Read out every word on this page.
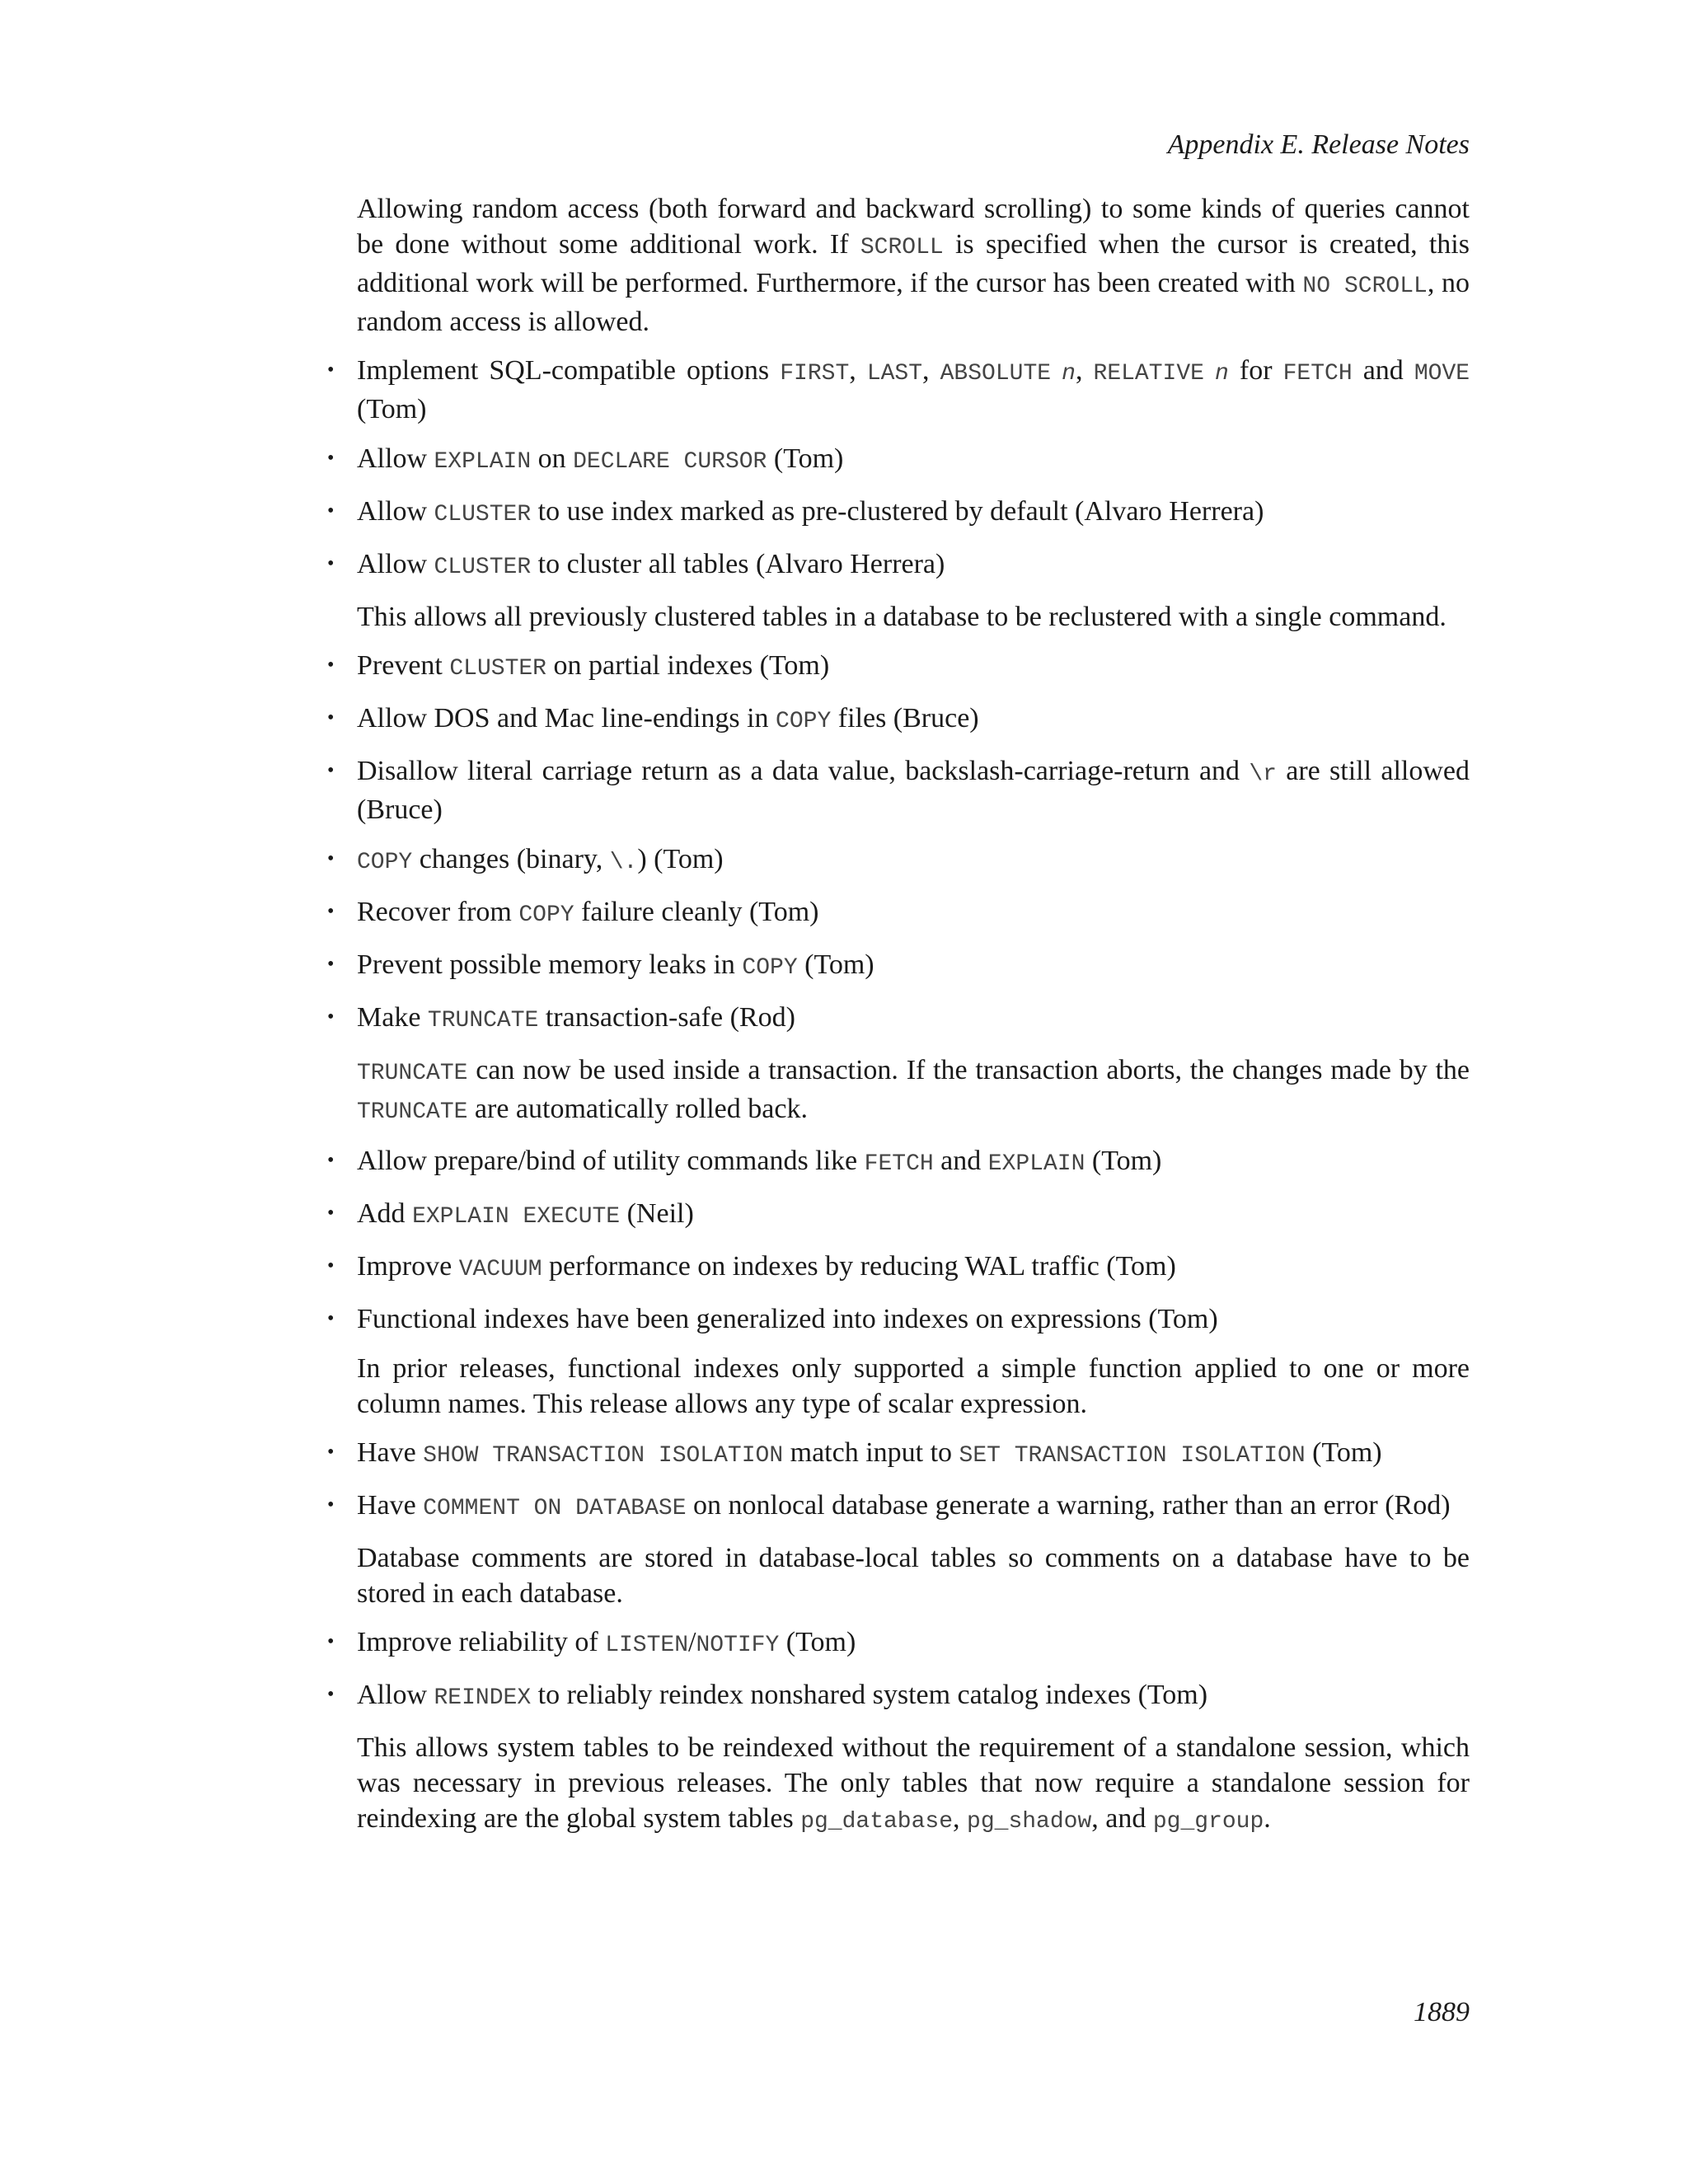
Appendix E. Release Notes

Allowing random access (both forward and backward scrolling) to some kinds of queries cannot be done without some additional work. If SCROLL is specified when the cursor is created, this additional work will be performed. Furthermore, if the cursor has been created with NO SCROLL, no random access is allowed.

• Implement SQL-compatible options FIRST, LAST, ABSOLUTE n, RELATIVE n for FETCH and MOVE (Tom)
• Allow EXPLAIN on DECLARE CURSOR (Tom)
• Allow CLUSTER to use index marked as pre-clustered by default (Alvaro Herrera)
• Allow CLUSTER to cluster all tables (Alvaro Herrera)

This allows all previously clustered tables in a database to be reclustered with a single command.

• Prevent CLUSTER on partial indexes (Tom)
• Allow DOS and Mac line-endings in COPY files (Bruce)
• Disallow literal carriage return as a data value, backslash-carriage-return and \r are still allowed (Bruce)
• COPY changes (binary, \.) (Tom)
• Recover from COPY failure cleanly (Tom)
• Prevent possible memory leaks in COPY (Tom)
• Make TRUNCATE transaction-safe (Rod)

TRUNCATE can now be used inside a transaction. If the transaction aborts, the changes made by the TRUNCATE are automatically rolled back.

• Allow prepare/bind of utility commands like FETCH and EXPLAIN (Tom)
• Add EXPLAIN EXECUTE (Neil)
• Improve VACUUM performance on indexes by reducing WAL traffic (Tom)
• Functional indexes have been generalized into indexes on expressions (Tom)

In prior releases, functional indexes only supported a simple function applied to one or more column names. This release allows any type of scalar expression.

• Have SHOW TRANSACTION ISOLATION match input to SET TRANSACTION ISOLATION (Tom)
• Have COMMENT ON DATABASE on nonlocal database generate a warning, rather than an error (Rod)

Database comments are stored in database-local tables so comments on a database have to be stored in each database.

• Improve reliability of LISTEN/NOTIFY (Tom)
• Allow REINDEX to reliably reindex nonshared system catalog indexes (Tom)

This allows system tables to be reindexed without the requirement of a standalone session, which was necessary in previous releases. The only tables that now require a standalone session for reindexing are the global system tables pg_database, pg_shadow, and pg_group.

1889
